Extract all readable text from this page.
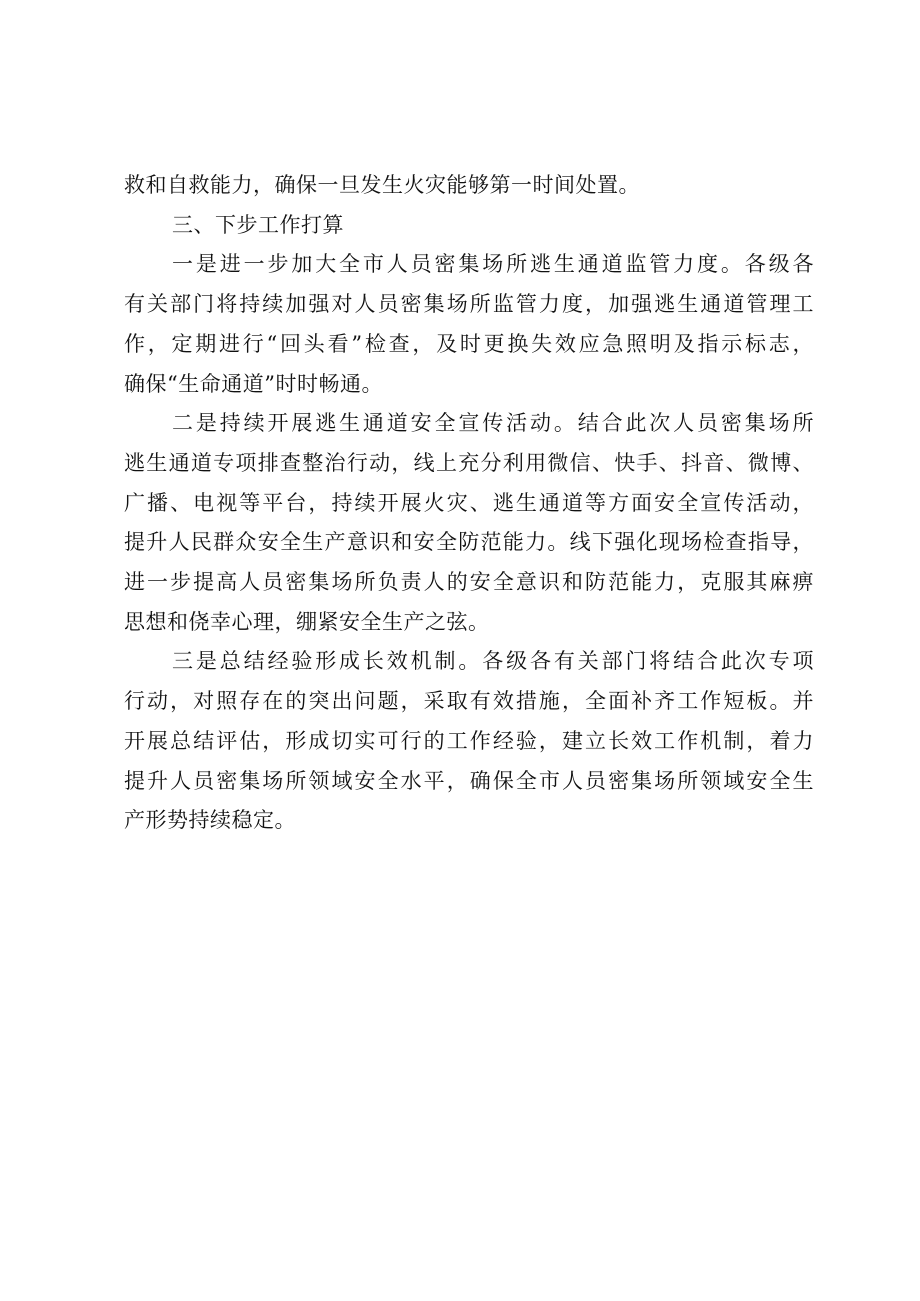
救和自救能力，确保一旦发生火灾能够第一时间处置。
三、下步工作打算
一是进一步加大全市人员密集场所逃生通道监管力度。各级各
有关部门将持续加强对人员密集场所监管力度，加强逃生通道管理工
作，定期进行“回头看”检查，及时更换失效应急照明及指示标志，
确保“生命通道”时时畅通。
二是持续开展逃生通道安全宣传活动。结合此次人员密集场所
逃生通道专项排查整治行动，线上充分利用微信、快手、抖音、微博、
广播、电视等平台，持续开展火灾、逃生通道等方面安全宣传活动，
提升人民群众安全生产意识和安全防范能力。线下强化现场检查指导，
进一步提高人员密集场所负责人的安全意识和防范能力，克服其麻痹
思想和侥幸心理，绷紧安全生产之弦。
三是总结经验形成长效机制。各级各有关部门将结合此次专项
行动，对照存在的突出问题，采取有效措施，全面补齐工作短板。并
开展总结评估，形成切实可行的工作经验，建立长效工作机制，着力
提升人员密集场所领域安全水平，确保全市人员密集场所领域安全生
产形势持续稳定。
